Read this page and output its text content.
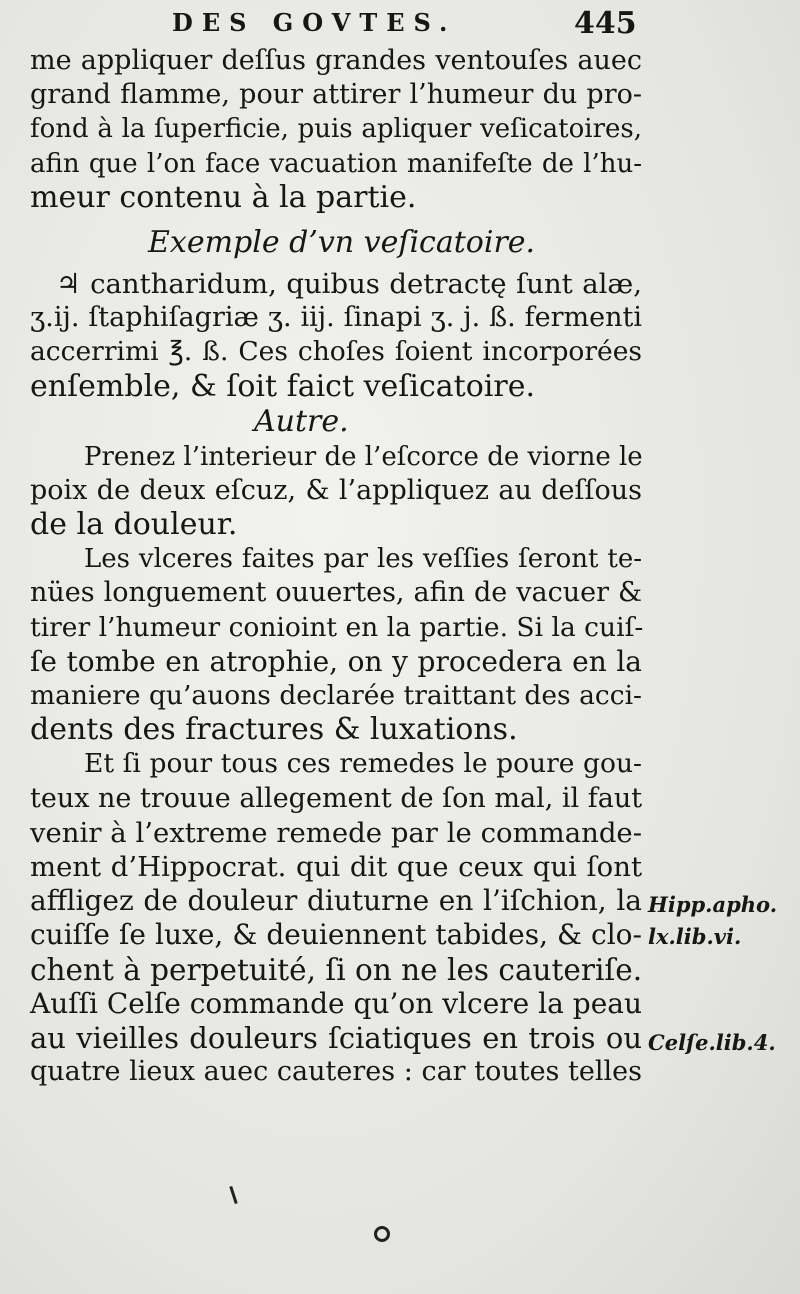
DES GOVTES.	445
me appliquer deſſus grandes ventouſes auec
grand flamme, pour attirer l’humeur du pro-
fond à la ſuperficie, puis apliquer veſicatoires,
afin que l’on face vacuation manifeſte de l’hu-
meur contenu à la partie.
Exemple d’vn veſicatoire.
♃ cantharidum, quibus detractę ſunt alæ,
ʒ.ij. ſtaphiſagriæ ʒ. iij. ſinapi ʒ. j. ß. fermenti
accerrimi ℥. ß. Ces choſes ſoient incorporées
enſemble, & ſoit faict veſicatoire.
Autre.
Prenez l’interieur de l’eſcorce de viorne le
poix de deux eſcuz, & l’appliquez au deſſous
de la douleur.
Les vlceres faites par les veſſies ſeront te-
nües longuement ouuertes, afin de vacuer &
tirer l’humeur conioint en la partie. Si la cuiſ-
ſe tombe en atrophie, on y procedera en la
maniere qu’auons declarée traittant des acci-
dents des fractures & luxations.
Et ſi pour tous ces remedes le poure gou-
teux ne trouue allegement de ſon mal, il faut
venir à l’extreme remede par le commande-
ment d’Hippocrat. qui dit que ceux qui ſont
affligez de douleur diuturne en l’iſchion, la
cuiſſe ſe luxe, & deuiennent tabides, & clo-
chent à perpetuité, ſi on ne les cauteriſe.
Auſſi Celſe commande qu’on vlcere la peau
au vieilles douleurs ſciatiques en trois ou
quatre lieux auec cauteres : car toutes telles
Hipp.apho.
lx.lib.vi.
Celſe.lib.4.
